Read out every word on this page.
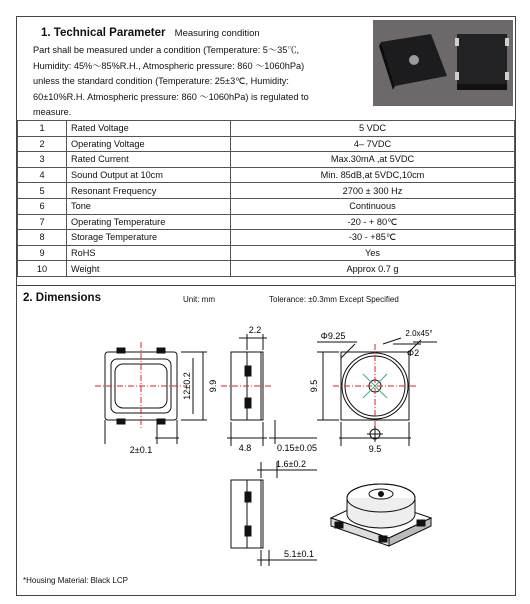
1. Technical Parameter Measuring condition
Part shall be measured under a condition (Temperature: 5～35℃,
Humidity: 45%～85%R.H., Atmospheric pressure: 860 ～1060hPa)
unless the standard condition (Temperature: 25±3℃, Humidity:
60±10%R.H. Atmospheric pressure: 860 ～1060hPa) is regulated to
measure.
1	Rated Voltage	5 VDC
2	Operating Voltage	4– 7VDC
3	Rated Current	Max.30mA ,at 5VDC
4	Sound Output at 10cm	Min. 85dB,at 5VDC,10cm
5	Resonant Frequency	2700 ± 300 Hz
6	Tone	Continuous
7	Operating Temperature	-20 - + 80℃
8	Storage Temperature	-30 - +85℃
9	RoHS	Yes
10	Weight	Approx 0.7 g
2. Dimensions	Unit: mm	Tolerance: ±0.3mm Except Specified
2±0.1
12±0.2 9.9
2.2
4.8	0.15±0.05
Φ9.25	2.0x45°
Φ2
9.5
9.5
1.6±0.2
5.1±0.1
*Housing Material: Black LCP
